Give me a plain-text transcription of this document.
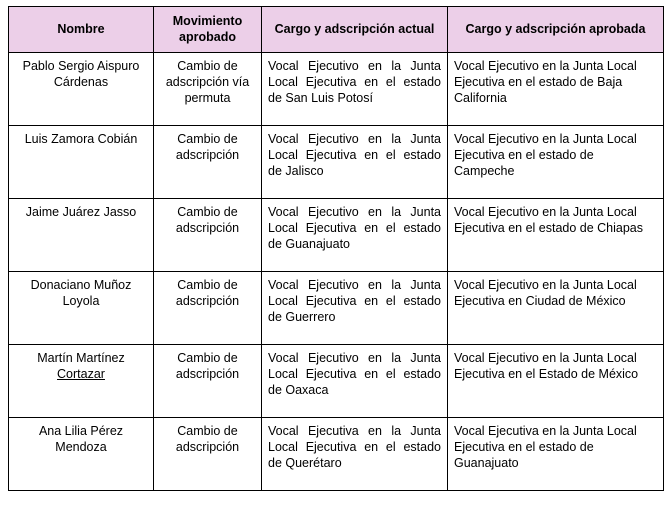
Nombre	Movimiento aprobado	Cargo y adscripción actual	Cargo y adscripción aprobada
Pablo Sergio Aispuro Cárdenas	Cambio de adscripción vía permuta	Vocal Ejecutivo en la Junta Local Ejecutiva en el estado de San Luis Potosí	Vocal Ejecutivo en la Junta Local Ejecutiva en el estado de Baja California
Luis Zamora Cobián	Cambio de adscripción	Vocal Ejecutivo en la Junta Local Ejecutiva en el estado de Jalisco	Vocal Ejecutivo en la Junta Local Ejecutiva en el estado de Campeche
Jaime Juárez Jasso	Cambio de adscripción	Vocal Ejecutivo en la Junta Local Ejecutiva en el estado de Guanajuato	Vocal Ejecutivo en la Junta Local Ejecutiva en el estado de Chiapas
Donaciano Muñoz Loyola	Cambio de adscripción	Vocal Ejecutivo en la Junta Local Ejecutiva en el estado de Guerrero	Vocal Ejecutivo en la Junta Local Ejecutiva en Ciudad de México
Martín Martínez Cortazar	Cambio de adscripción	Vocal Ejecutivo en la Junta Local Ejecutiva en el estado de Oaxaca	Vocal Ejecutivo en la Junta Local Ejecutiva en el Estado de México
Ana Lilia Pérez Mendoza	Cambio de adscripción	Vocal Ejecutiva en la Junta Local Ejecutiva en el estado de Querétaro	Vocal Ejecutiva en la Junta Local Ejecutiva en el estado de Guanajuato
